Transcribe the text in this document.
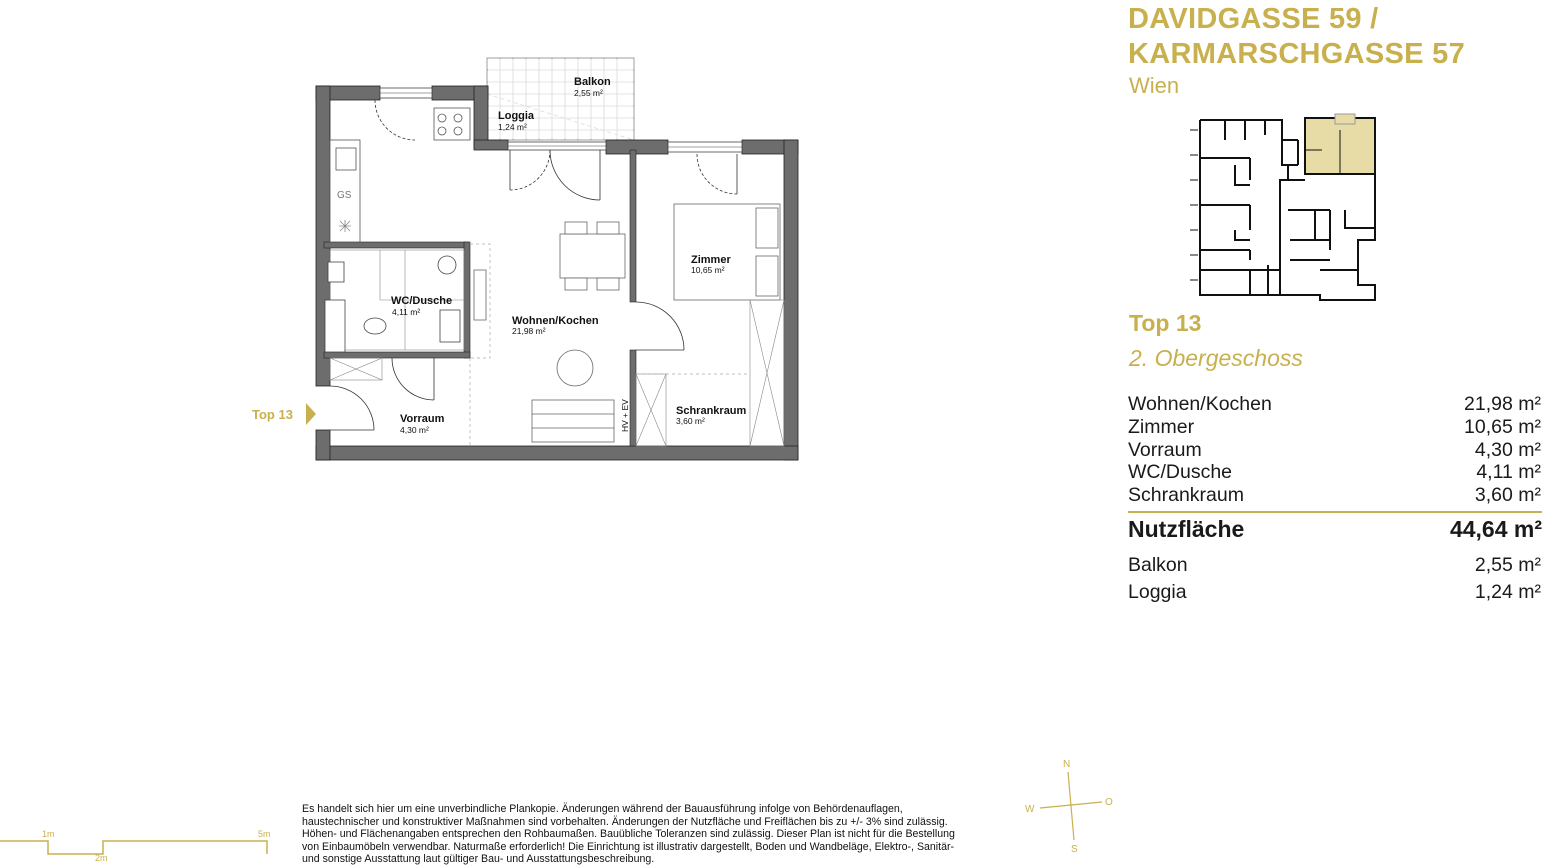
DAVIDGASSE 59 /
KARMARSCHGASSE 57
Wien
Top 13
2. Obergeschoss
Wohnen/Kochen	21,98 m²
Zimmer	10,65 m²
Vorraum	4,30 m²
WC/Dusche	4,11 m²
Schrankraum	3,60 m²
Nutzfläche	44,64 m²
Balkon	2,55 m²
Loggia	1,24 m²
GS
Top 13
Balkon
Loggia
Zimmer
WC/Dusche
Wohnen/Kochen
Vorraum
Schrankraum
2,55 m²
1,24 m²
10,65 m²
4,11 m²
21,98 m²
4,30 m²
3,60 m²
HV + EV
N
S
W
O
1m
2m
5m
Es handelt sich hier um eine unverbindliche Plankopie. Änderungen während der Bauausführung infolge von Behördenauflagen,
haustechnischer und konstruktiver Maßnahmen sind vorbehalten. Änderungen der Nutzfläche und Freiflächen bis zu +/- 3% sind zulässig.
Höhen- und Flächenangaben entsprechen den Rohbaumaßen. Bauübliche Toleranzen sind zulässig. Dieser Plan ist nicht für die Bestellung
von Einbaumöbeln verwendbar. Naturmaße erforderlich! Die Einrichtung ist illustrativ dargestellt, Boden und Wandbeläge, Elektro-, Sanitär-
und sonstige Ausstattung laut gültiger Bau- und Ausstattungsbeschreibung.
